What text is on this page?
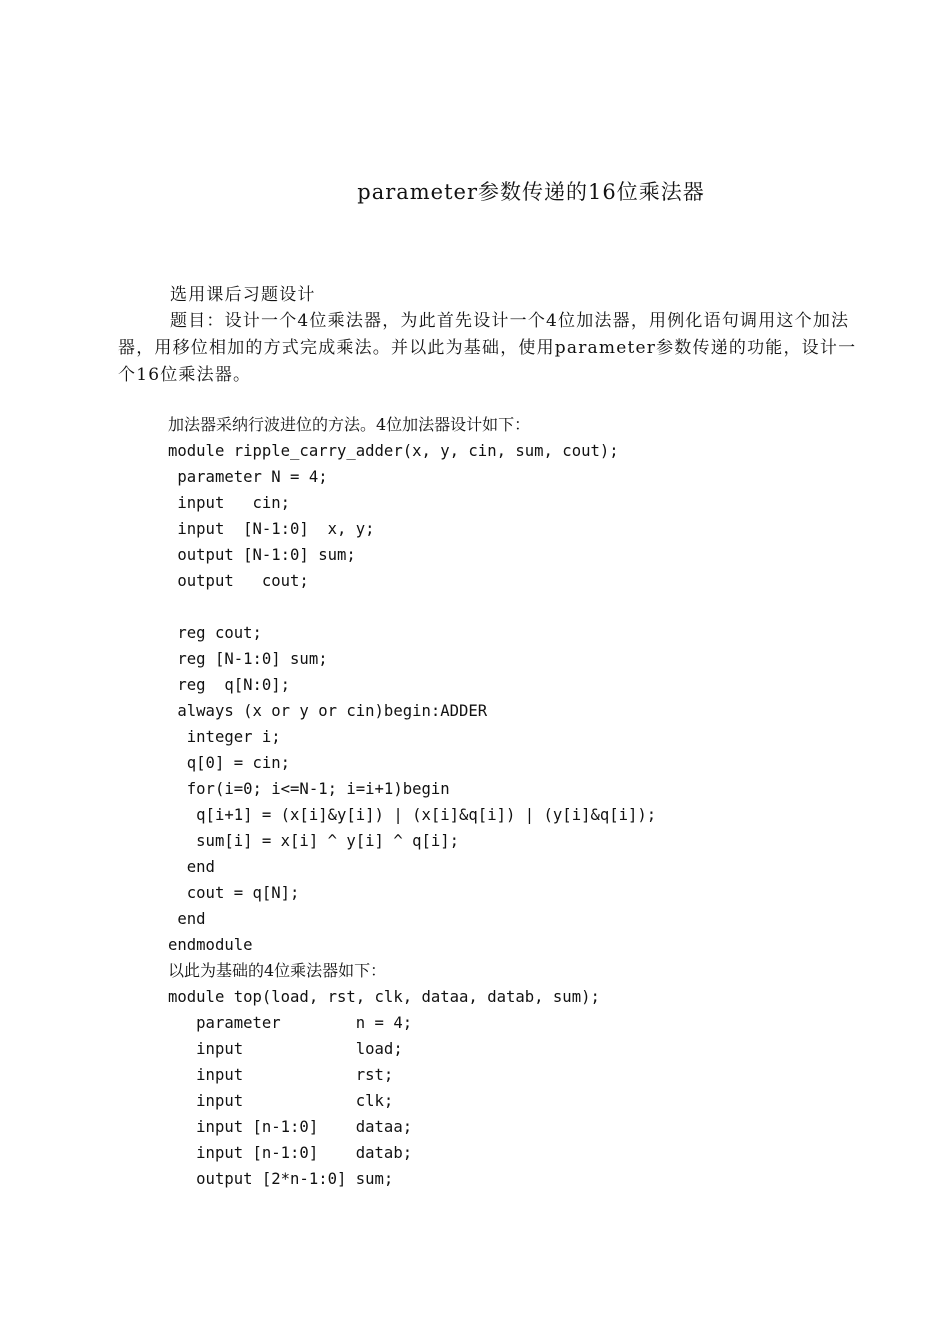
parameter参数传递的16位乘法器
选用课后习题设计
题目：设计一个4位乘法器，为此首先设计一个4位加法器，用例化语句调用这个加法器，用移位相加的方式完成乘法。并以此为基础，使用parameter参数传递的功能，设计一个16位乘法器。
加法器采纳行波进位的方法。4位加法器设计如下：
module ripple_carry_adder(x, y, cin, sum, cout);
parameter N = 4;
input   cin;
input  [N-1:0]  x, y;
output [N-1:0] sum;
output   cout;
reg cout;
reg [N-1:0] sum;
reg  q[N:0];
always (x or y or cin)begin:ADDER
integer i;
q[0] = cin;
for(i=0; i<=N-1; i=i+1)begin
q[i+1] = (x[i]&y[i]) | (x[i]&q[i]) | (y[i]&q[i]);
sum[i] = x[i] ^ y[i] ^ q[i];
end
cout = q[N];
end
endmodule
以此为基础的4位乘法器如下：
module top(load, rst, clk, dataa, datab, sum);
parameter        n = 4;
input            load;
input            rst;
input            clk;
input [n-1:0]    dataa;
input [n-1:0]    datab;
output [2*n-1:0] sum;
